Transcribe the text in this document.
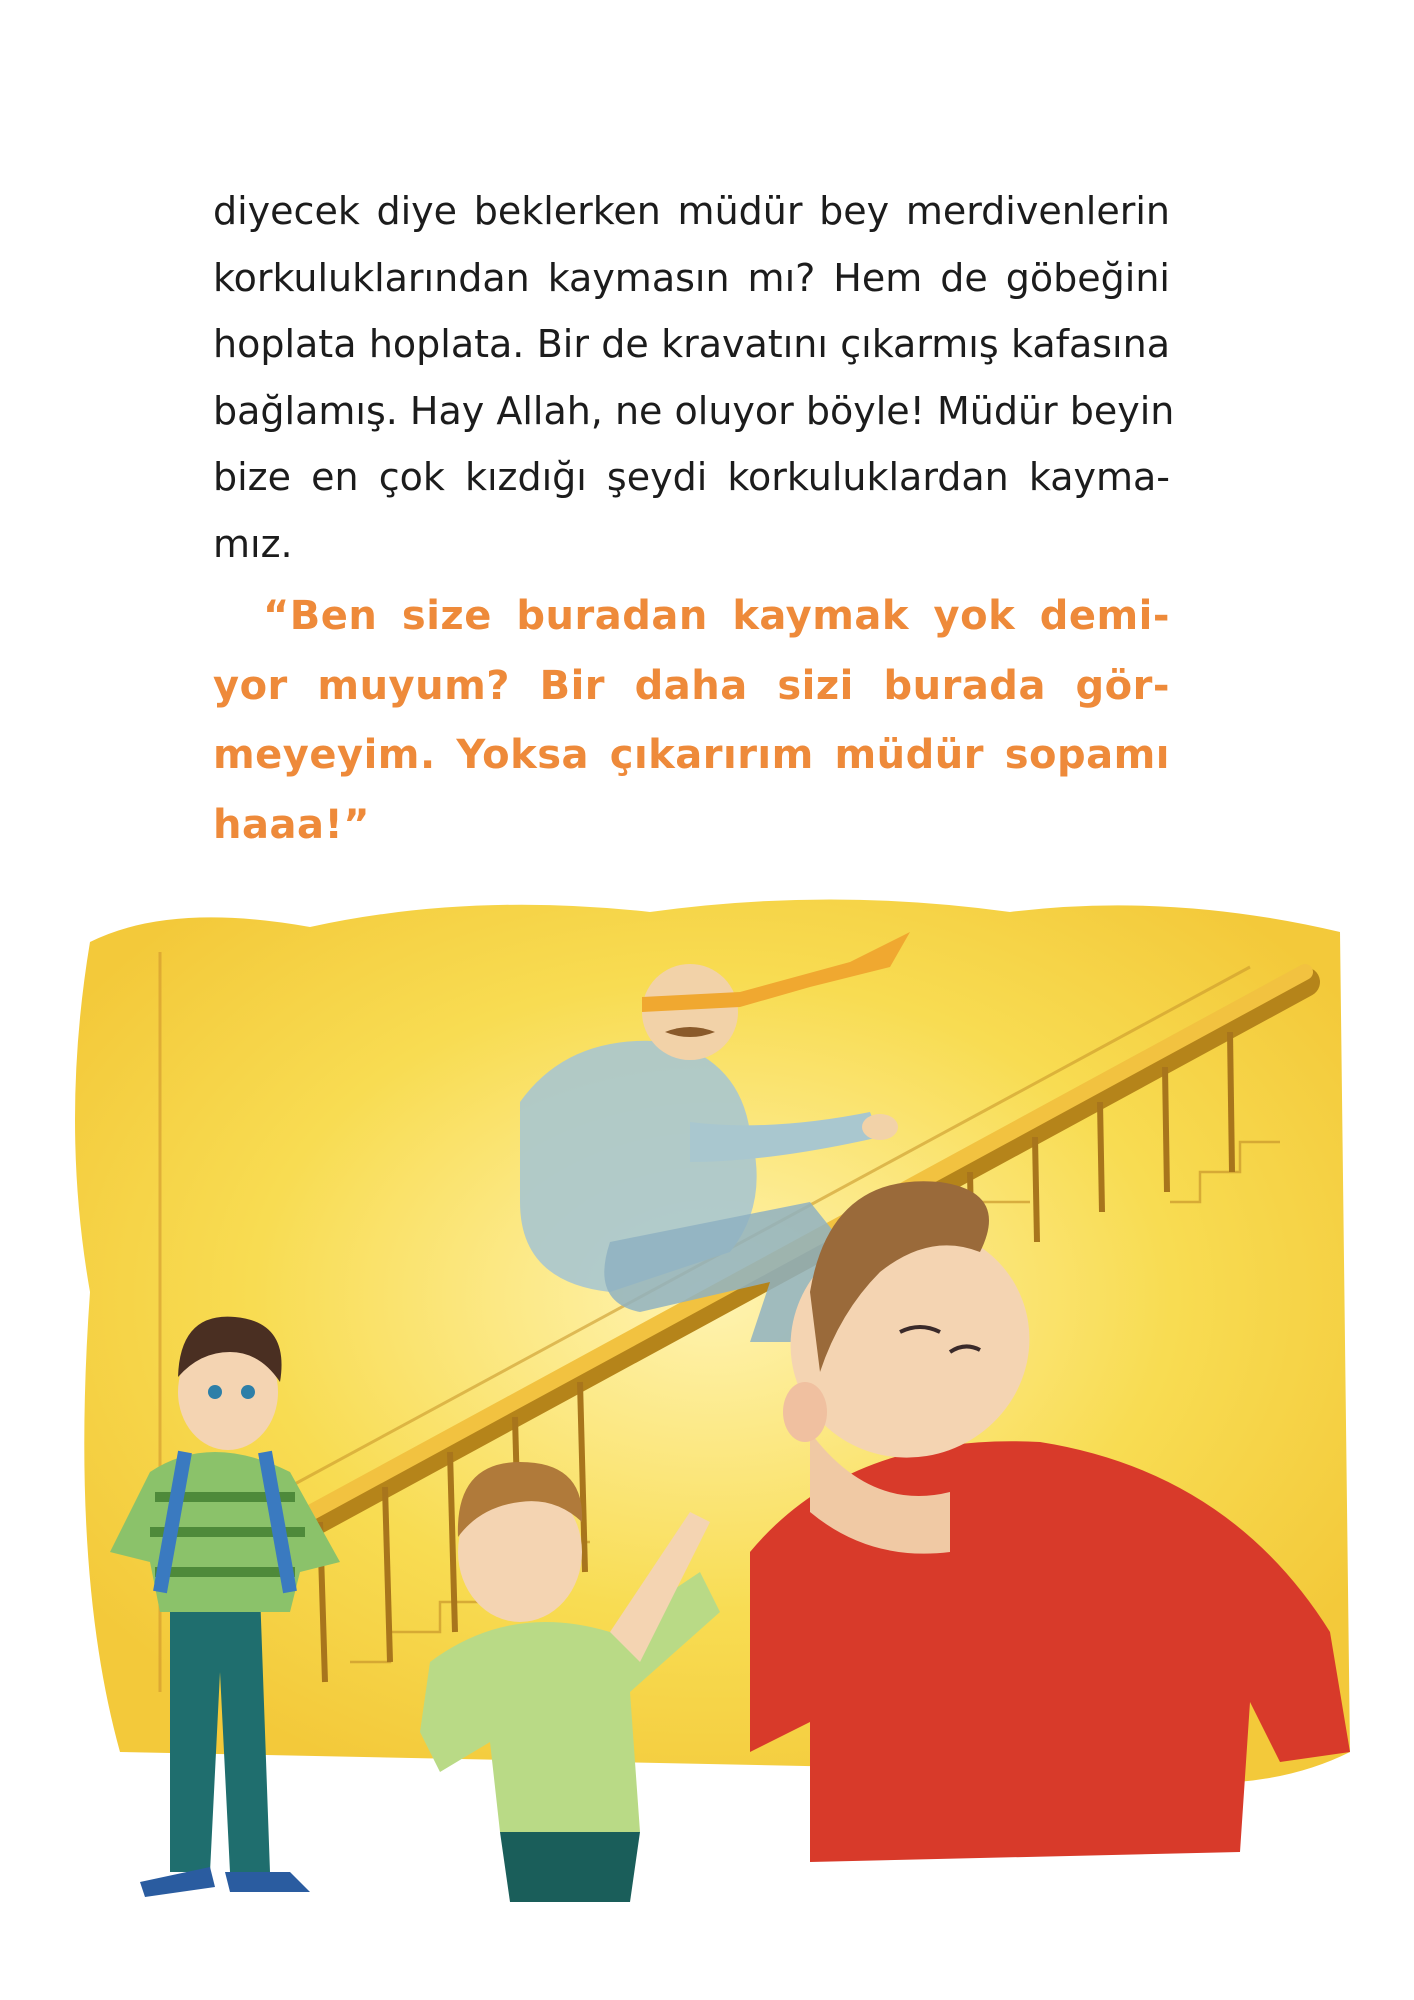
diyecek diye beklerken müdür bey merdivenlerin
korkuluklarından kaymasın mı? Hem de göbeğini
hoplata hoplata. Bir de kravatını çıkarmış kafasına
bağlamış. Hay Allah, ne oluyor böyle! Müdür beyin
bize en çok kızdığı şeydi korkuluklardan kayma-
mız.
“Ben size buradan kaymak yok demi-
yor muyum? Bir daha sizi burada gör-
meyeyim. Yoksa çıkarırım müdür sopamı
haaa!”
